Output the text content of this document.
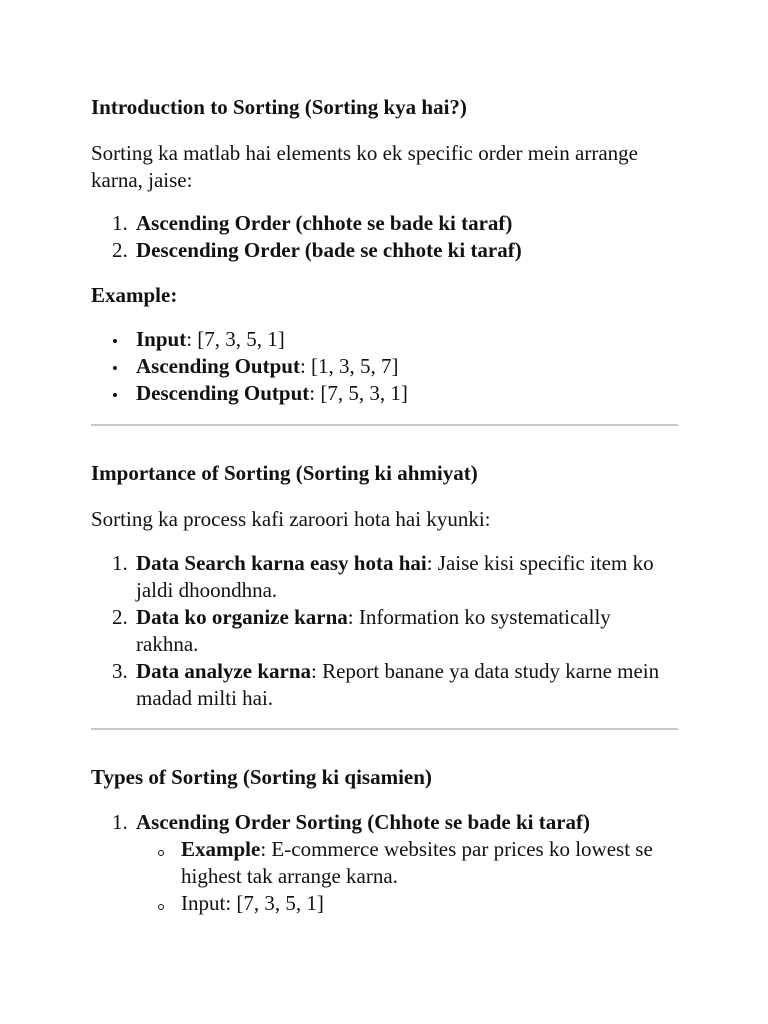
Introduction to Sorting (Sorting kya hai?)

Sorting ka matlab hai elements ko ek specific order mein arrange karna, jaise:

1. Ascending Order (chhote se bade ki taraf)
2. Descending Order (bade se chhote ki taraf)
Example:
Input: [7, 3, 5, 1]
Ascending Output: [1, 3, 5, 7]
Descending Output: [7, 5, 3, 1]
Importance of Sorting (Sorting ki ahmiyat)

Sorting ka process kafi zaroori hota hai kyunki:

1. Data Search karna easy hota hai: Jaise kisi specific item ko jaldi dhoondhna.
2. Data ko organize karna: Information ko systematically rakhna.
3. Data analyze karna: Report banane ya data study karne mein madad milti hai.
Types of Sorting (Sorting ki qisamien)
1. Ascending Order Sorting (Chhote se bade ki taraf)
Example: E-commerce websites par prices ko lowest se highest tak arrange karna.
Input: [7, 3, 5, 1]
